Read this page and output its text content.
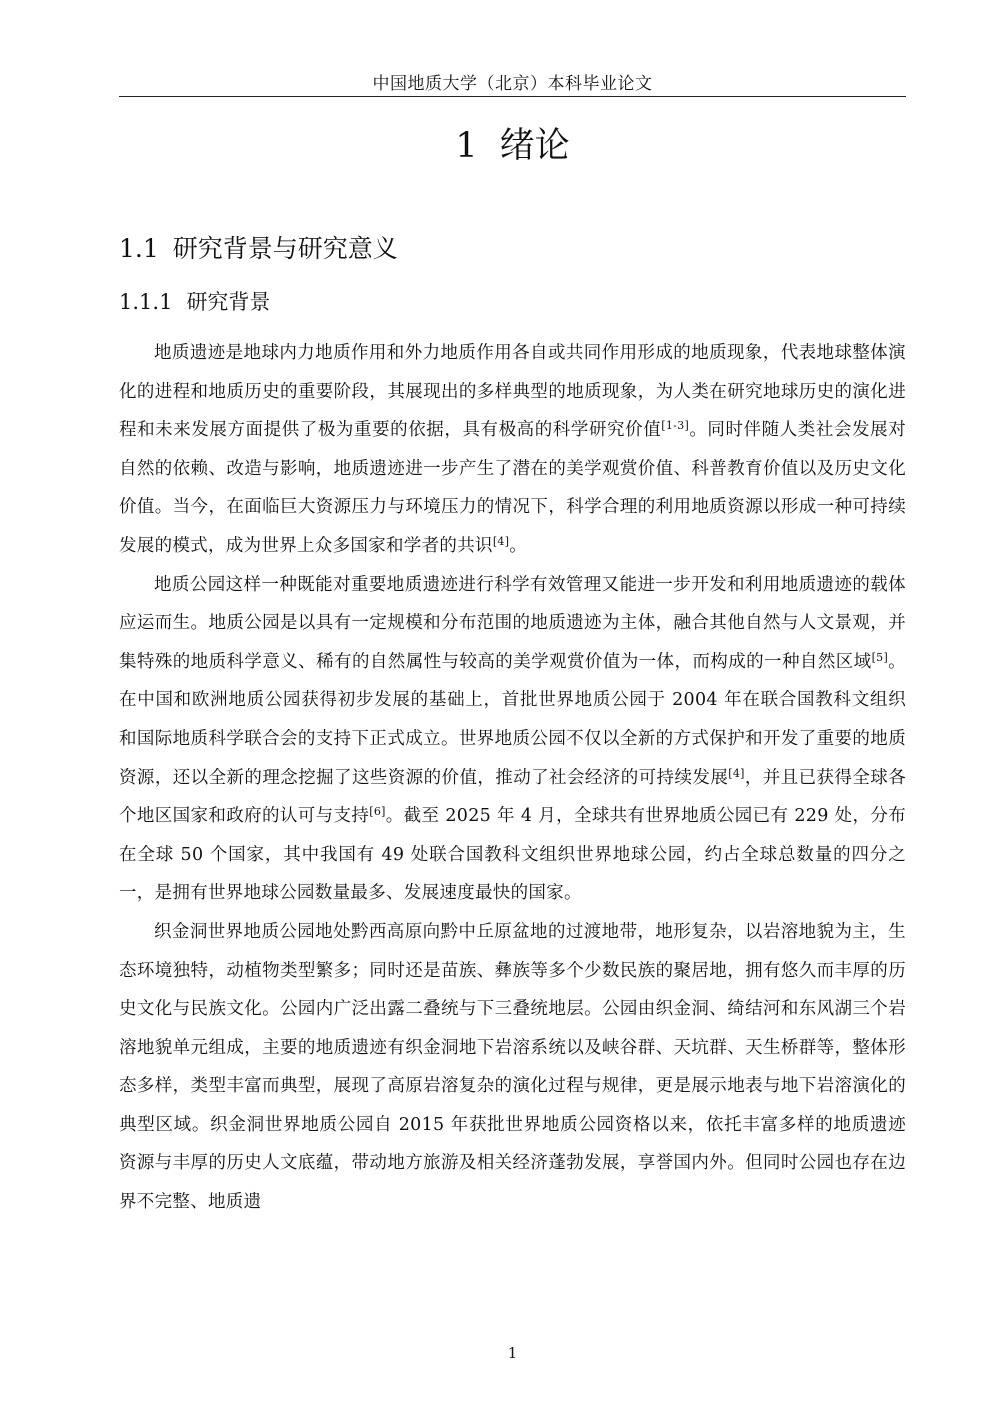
中国地质大学（北京）本科毕业论文
1 绪论
1.1 研究背景与研究意义
1.1.1 研究背景

地质遗迹是地球内力地质作用和外力地质作用各自或共同作用形成的地质现象，代表地球整体演化的进程和地质历史的重要阶段，其展现出的多样典型的地质现象，为人类在研究地球历史的演化进程和未来发展方面提供了极为重要的依据，具有极高的科学研究价值[1-3]。同时伴随人类社会发展对自然的依赖、改造与影响，地质遗迹进一步产生了潜在的美学观赏价值、科普教育价值以及历史文化价值。当今，在面临巨大资源压力与环境压力的情况下，科学合理的利用地质资源以形成一种可持续发展的模式，成为世界上众多国家和学者的共识[4]。

地质公园这样一种既能对重要地质遗迹进行科学有效管理又能进一步开发和利用地质遗迹的载体应运而生。地质公园是以具有一定规模和分布范围的地质遗迹为主体，融合其他自然与人文景观，并集特殊的地质科学意义、稀有的自然属性与较高的美学观赏价值为一体，而构成的一种自然区域[5]。在中国和欧洲地质公园获得初步发展的基础上，首批世界地质公园于 2004 年在联合国教科文组织和国际地质科学联合会的支持下正式成立。世界地质公园不仅以全新的方式保护和开发了重要的地质资源，还以全新的理念挖掘了这些资源的价值，推动了社会经济的可持续发展[4]，并且已获得全球各个地区国家和政府的认可与支持[6]。截至 2025 年 4 月，全球共有世界地质公园已有 229 处，分布在全球 50 个国家，其中我国有 49 处联合国教科文组织世界地球公园，约占全球总数量的四分之一，是拥有世界地球公园数量最多、发展速度最快的国家。

织金洞世界地质公园地处黔西高原向黔中丘原盆地的过渡地带，地形复杂，以岩溶地貌为主，生态环境独特，动植物类型繁多；同时还是苗族、彝族等多个少数民族的聚居地，拥有悠久而丰厚的历史文化与民族文化。公园内广泛出露二叠统与下三叠统地层。公园由织金洞、绮结河和东风湖三个岩溶地貌单元组成，主要的地质遗迹有织金洞地下岩溶系统以及峡谷群、天坑群、天生桥群等，整体形态多样，类型丰富而典型，展现了高原岩溶复杂的演化过程与规律，更是展示地表与地下岩溶演化的典型区域。织金洞世界地质公园自 2015 年获批世界地质公园资格以来，依托丰富多样的地质遗迹资源与丰厚的历史人文底蕴，带动地方旅游及相关经济蓬勃发展，享誉国内外。但同时公园也存在边界不完整、地质遗

1
